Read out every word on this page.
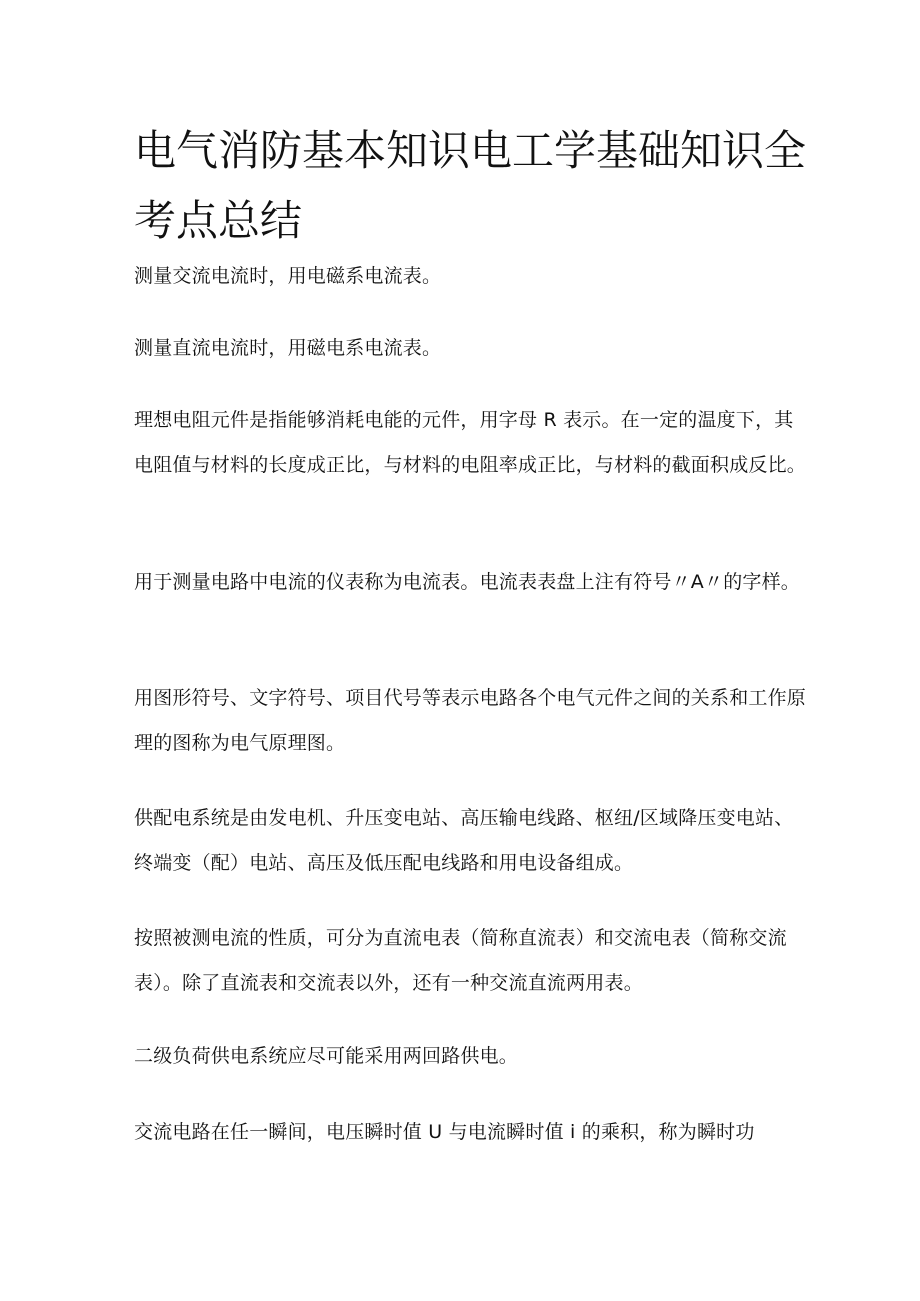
电气消防基本知识电工学基础知识全考点总结

测量交流电流时，用电磁系电流表。

测量直流电流时，用磁电系电流表。

理想电阻元件是指能够消耗电能的元件，用字母 R 表示。在一定的温度下，其电阻值与材料的长度成正比，与材料的电阻率成正比，与材料的截面积成反比。

用于测量电路中电流的仪表称为电流表。电流表表盘上注有符号〃A〃的字样。

用图形符号、文字符号、项目代号等表示电路各个电气元件之间的关系和工作原理的图称为电气原理图。

供配电系统是由发电机、升压变电站、高压输电线路、枢纽/区域降压变电站、终端变（配）电站、高压及低压配电线路和用电设备组成。

按照被测电流的性质，可分为直流电表（简称直流表）和交流电表（简称交流表）。除了直流表和交流表以外，还有一种交流直流两用表。

二级负荷供电系统应尽可能采用两回路供电。

交流电路在任一瞬间，电压瞬时值 U 与电流瞬时值 i 的乘积，称为瞬时功
